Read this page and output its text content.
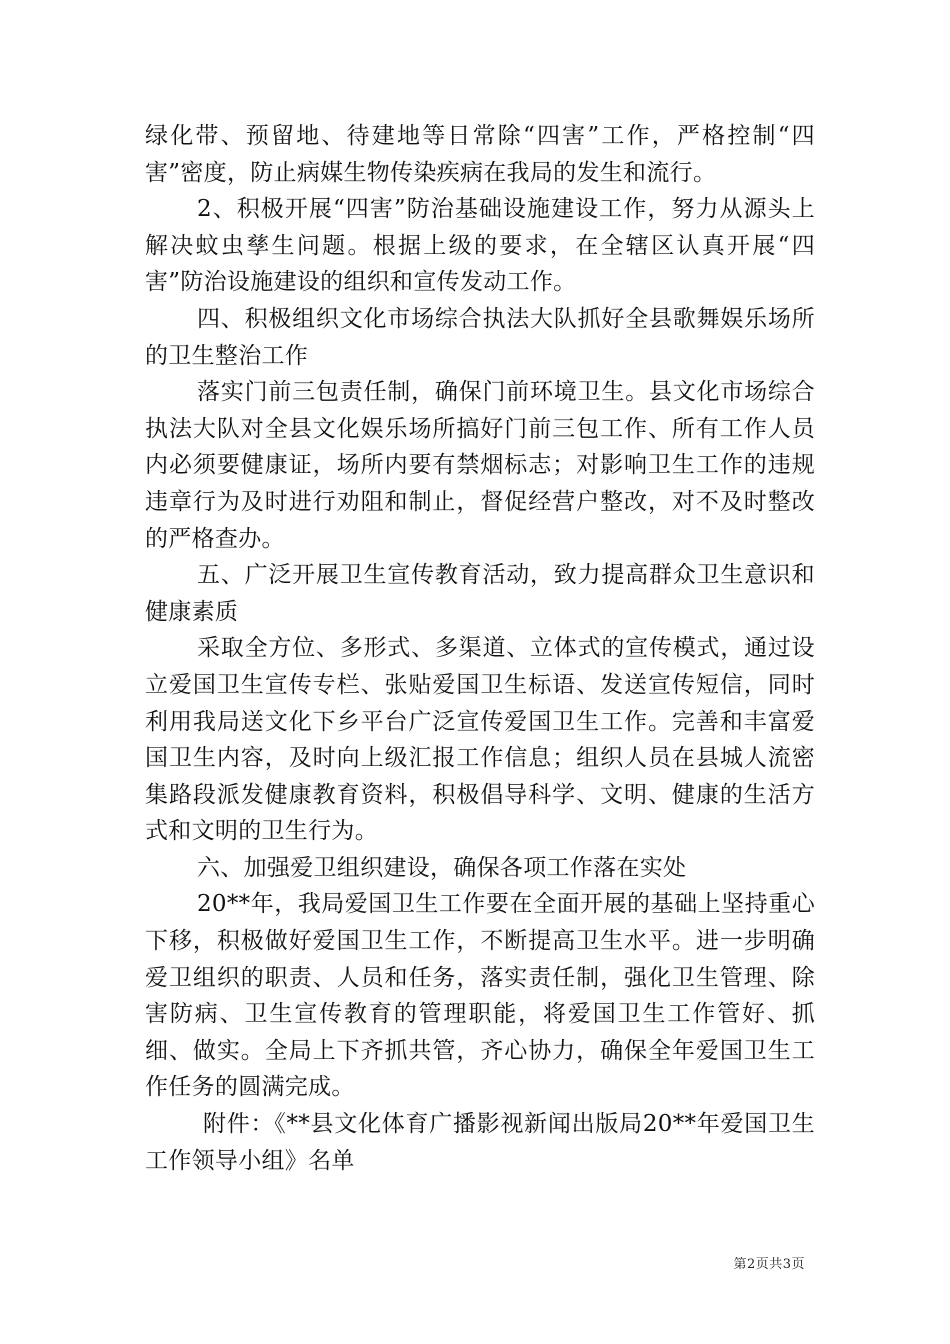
绿化带、预留地、待建地等日常除“四害”工作，严格控制“四害”密度，防止病媒生物传染疾病在我局的发生和流行。

2、积极开展“四害”防治基础设施建设工作，努力从源头上解决蚊虫孳生问题。根据上级的要求，在全辖区认真开展“四害”防治设施建设的组织和宣传发动工作。

四、积极组织文化市场综合执法大队抓好全县歌舞娱乐场所的卫生整治工作

落实门前三包责任制，确保门前环境卫生。县文化市场综合执法大队对全县文化娱乐场所搞好门前三包工作、所有工作人员内必须要健康证，场所内要有禁烟标志；对影响卫生工作的违规违章行为及时进行劝阻和制止，督促经营户整改，对不及时整改的严格查办。

五、广泛开展卫生宣传教育活动，致力提高群众卫生意识和健康素质

采取全方位、多形式、多渠道、立体式的宣传模式，通过设立爱国卫生宣传专栏、张贴爱国卫生标语、发送宣传短信，同时利用我局送文化下乡平台广泛宣传爱国卫生工作。完善和丰富爱国卫生内容，及时向上级汇报工作信息；组织人员在县城人流密集路段派发健康教育资料，积极倡导科学、文明、健康的生活方式和文明的卫生行为。

六、加强爱卫组织建设，确保各项工作落在实处

20**年，我局爱国卫生工作要在全面开展的基础上坚持重心下移，积极做好爱国卫生工作，不断提高卫生水平。进一步明确爱卫组织的职责、人员和任务，落实责任制，强化卫生管理、除害防病、卫生宣传教育的管理职能，将爱国卫生工作管好、抓细、做实。全局上下齐抓共管，齐心协力，确保全年爱国卫生工作任务的圆满完成。

附件：《**县文化体育广播影视新闻出版局20**年爱国卫生工作领导小组》名单

第2页共3页
